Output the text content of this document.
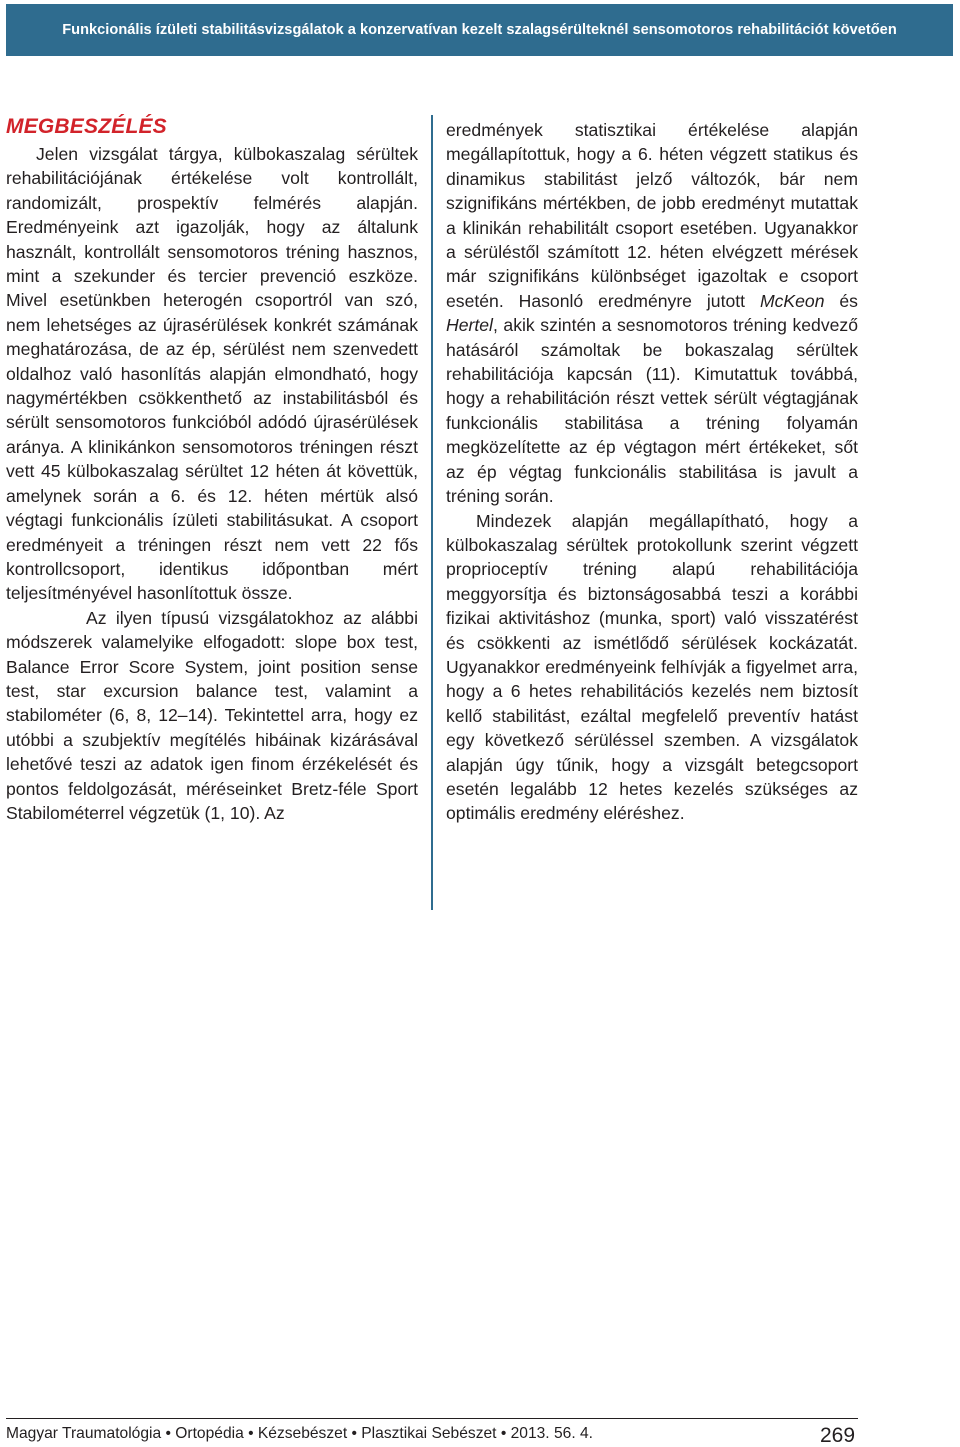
Funkcionális ízületi stabilitásvizsgálatok a konzervatívan kezelt szalagsérülteknél sensomotoros rehabilitációt követően
MEGBESZÉLÉS

Jelen vizsgálat tárgya, külbokaszalag sérültek rehabilitációjának értékelése volt kontrollált, randomizált, prospektív felmérés alapján. Eredményeink azt igazolják, hogy az általunk használt, kontrollált sensomotoros tréning hasznos, mint a szekunder és tercier prevenció eszköze. Mivel esetünkben heterogén csoportról van szó, nem lehetséges az újrasérülések konkrét számának meghatározása, de az ép, sérülést nem szenvedett oldalhoz való hasonlítás alapján elmondható, hogy nagymértékben csökkenthető az instabilitásból és sérült sensomotoros funkcióból adódó újrasérülések aránya. A klinikánkon sensomotoros tréningen részt vett 45 külbokaszalag sérültet 12 héten át követtük, amelynek során a 6. és 12. héten mértük alsó végtagi funkcionális ízületi stabilitásukat. A csoport eredményeit a tréningen részt nem vett 22 fős kontrollcsoport, identikus időpontban mért teljesítményével hasonlítottuk össze.

Az ilyen típusú vizsgálatokhoz az alábbi módszerek valamelyike elfogadott: slope box test, Balance Error Score System, joint position sense test, star excursion balance test, valamint a stabilométer (6, 8, 12–14). Tekintettel arra, hogy ez utóbbi a szubjektív megítélés hibáinak kizárásával lehetővé teszi az adatok igen finom érzékelését és pontos feldolgozását, méréseinket Bretz-féle Sport Stabilométerrel végzetük (1, 10). Az

eredmények statisztikai értékelése alapján megállapítottuk, hogy a 6. héten végzett statikus és dinamikus stabilitást jelző változók, bár nem szignifikáns mértékben, de jobb eredményt mutattak a klinikán rehabilitált csoport esetében. Ugyanakkor a sérüléstől számított 12. héten elvégzett mérések már szignifikáns különbséget igazoltak e csoport esetén. Hasonló eredményre jutott McKeon és Hertel, akik szintén a sesnomotoros tréning kedvező hatásáról számoltak be bokaszalag sérültek rehabilitációja kapcsán (11). Kimutattuk továbbá, hogy a rehabilitáción részt vettek sérült végtagjának funkcionális stabilitása a tréning folyamán megközelítette az ép végtagon mért értékeket, sőt az ép végtag funkcionális stabilitása is javult a tréning során.

Mindezek alapján megállapítható, hogy a külbokaszalag sérültek protokollunk szerint végzett proprioceptív tréning alapú rehabilitációja meggyorsítja és biztonságosabbá teszi a korábbi fizikai aktivitáshoz (munka, sport) való visszatérést és csökkenti az ismétlődő sérülések kockázatát. Ugyanakkor eredményeink felhívják a figyelmet arra, hogy a 6 hetes rehabilitációs kezelés nem biztosít kellő stabilitást, ezáltal megfelelő preventív hatást egy következő sérüléssel szemben. A vizsgálatok alapján úgy tűnik, hogy a vizsgált betegcsoport esetén legalább 12 hetes kezelés szükséges az optimális eredmény eléréshez.

Magyar Traumatológia • Ortopédia • Kézsebészet • Plasztikai Sebészet • 2013. 56. 4.	269
